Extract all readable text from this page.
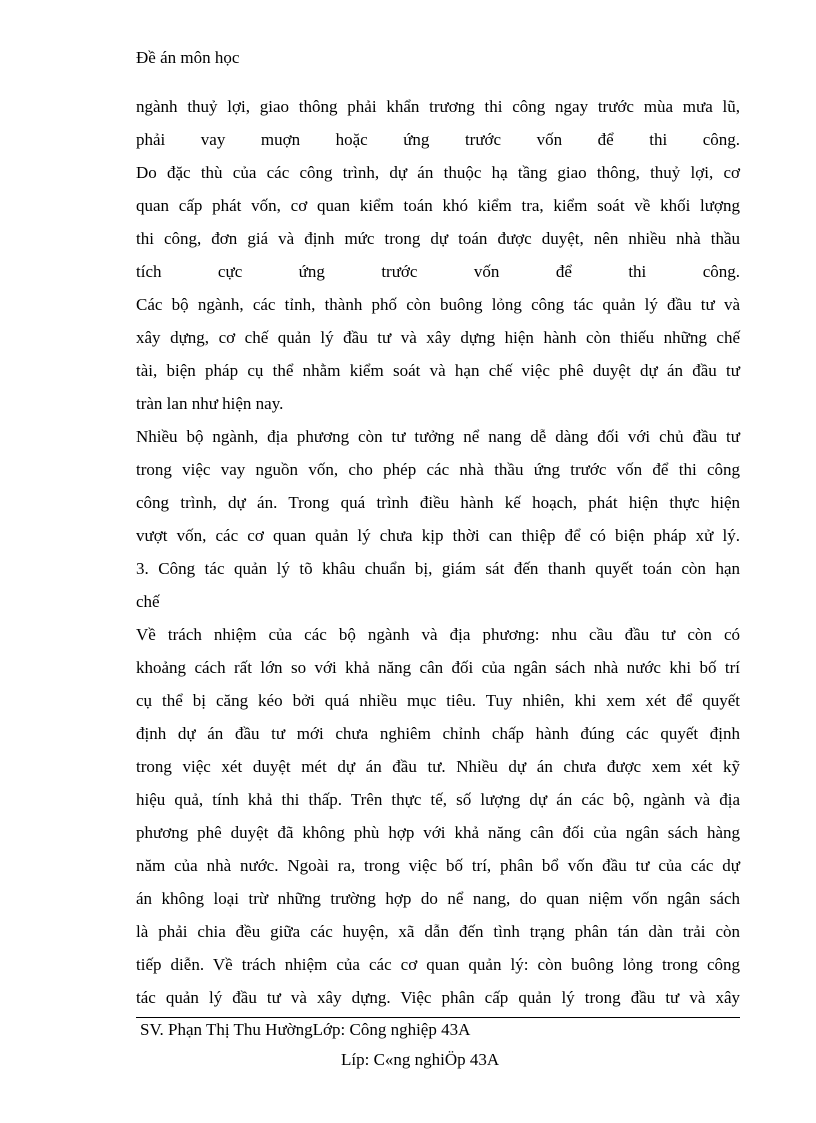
Đề án môn học

ngành thuỷ lợi, giao thông phải khẩn trương thi công ngay trước mùa mưa lũ,

phải vay muợn hoặc ứng trước vốn để thi công.

Do đặc thù của các công trình, dự án thuộc hạ tầng giao thông, thuỷ lợi, cơ

quan cấp phát vốn, cơ quan kiểm toán khó kiểm tra, kiểm soát về khối lượng

thi công, đơn giá và định mức trong dự toán được duyệt, nên nhiều nhà thầu

tích cực ứng trước vốn để thi công.

Các bộ ngành, các tỉnh, thành phố còn buông lỏng công tác quản lý đầu tư và

xây dựng, cơ chế quản lý đầu tư và xây dựng hiện hành còn thiếu những chế

tài, biện pháp cụ thể nhằm kiểm soát và hạn chế việc phê duyệt dự án đầu tư

tràn lan như hiện nay.

Nhiều bộ ngành, địa phương còn tư tưởng nể nang dễ dàng đối với chủ đầu tư

trong việc vay nguồn vốn, cho phép các nhà thầu ứng trước vốn để thi công

công trình, dự án. Trong quá trình điều hành kế hoạch, phát hiện thực hiện

vượt vốn, các cơ quan quản lý chưa kịp thời can thiệp để có biện pháp xử lý.

3. Công tác quản lý tõ khâu chuẩn bị, giám sát đến thanh quyết toán còn hạn

chế

Về trách nhiệm của các bộ ngành và địa phương: nhu cầu đầu tư còn có

khoảng cách rất lớn so với khả năng cân đối của ngân sách nhà nước khi bố trí

cụ thể bị căng kéo bởi quá nhiều mục tiêu. Tuy nhiên, khi xem xét để quyết

định dự án đầu tư mới chưa nghiêm chỉnh chấp hành đúng các quyết định

trong việc xét duyệt mét dự án đầu tư. Nhiều dự án chưa được xem xét kỹ

hiệu quả, tính khả thi thấp. Trên thực tế, số lượng dự án các bộ, ngành và địa

phương phê duyệt đã không phù hợp với khả năng cân đối của ngân sách hàng

năm của nhà nước. Ngoài ra, trong việc bố trí, phân bổ vốn đầu tư của các dự

án không loại trừ những trường hợp do nể nang, do quan niệm vốn ngân sách

là phải chia đều giữa các huyện, xã dẫn đến tình trạng phân tán dàn trải còn

tiếp diễn. Về trách nhiệm của các cơ quan quản lý: còn buông lỏng trong công

tác quản lý đầu tư và xây dựng. Việc phân cấp quản lý trong đầu tư và xây

SV. Phạn Thị Thu HườngLớp: Công nghiệp 43A
Líp: C«ng nghiÖp 43A
